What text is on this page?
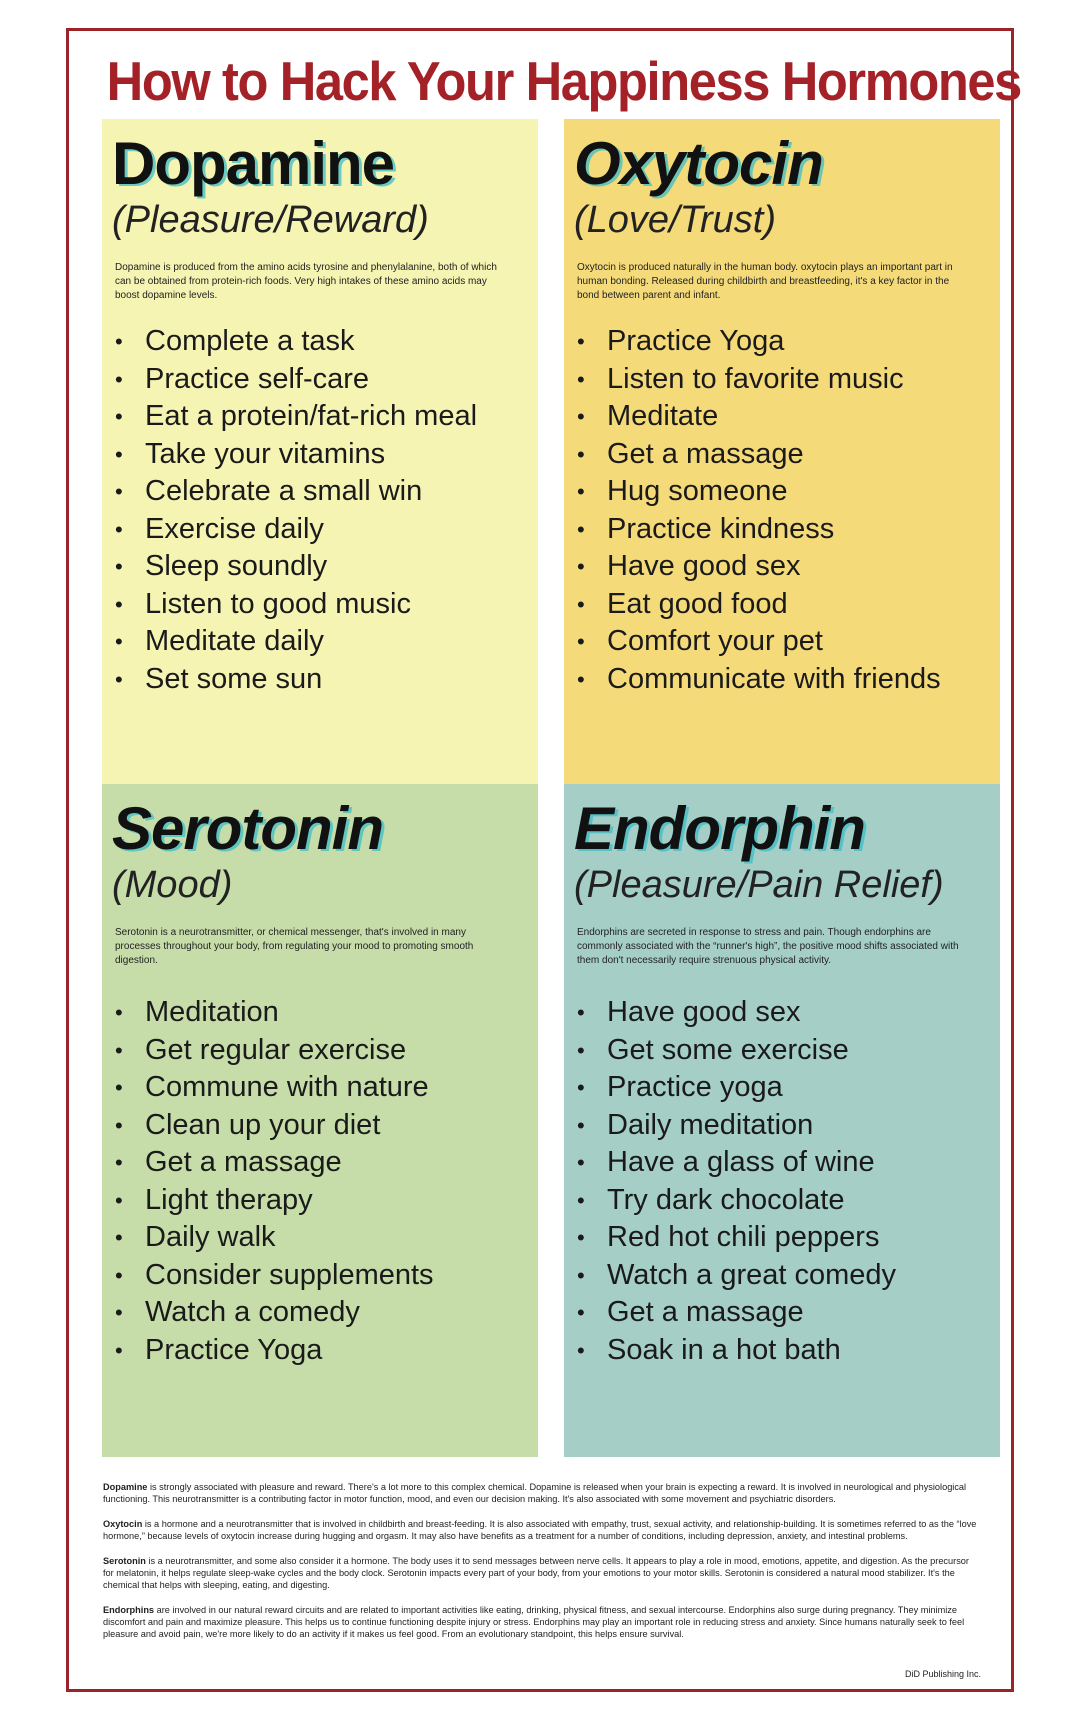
How to Hack Your Happiness Hormones
Dopamine
(Pleasure/Reward)
Dopamine is produced from the amino acids tyrosine and phenylalanine, both of which can be obtained from protein-rich foods. Very high intakes of these amino acids may boost dopamine levels.
• Complete a task
• Practice self-care
• Eat a protein/fat-rich meal
• Take your vitamins
• Celebrate a small win
• Exercise daily
• Sleep soundly
• Listen to good music
• Meditate daily
• Set some sun
Oxytocin
(Love/Trust)
Oxytocin is produced naturally in the human body. oxytocin plays an important part in human bonding. Released during childbirth and breastfeeding, it's a key factor in the bond between parent and infant.
• Practice Yoga
• Listen to favorite music
• Meditate
• Get a massage
• Hug someone
• Practice kindness
• Have good sex
• Eat good food
• Comfort your pet
• Communicate with friends
Serotonin
(Mood)
Serotonin is a neurotransmitter, or chemical messenger, that's involved in many processes throughout your body, from regulating your mood to promoting smooth digestion.
• Meditation
• Get regular exercise
• Commune with nature
• Clean up your diet
• Get a massage
• Light therapy
• Daily walk
• Consider supplements
• Watch a comedy
• Practice Yoga
Endorphin
(Pleasure/Pain Relief)
Endorphins are secreted in response to stress and pain. Though endorphins are commonly associated with the “runner's high”, the positive mood shifts associated with them don't necessarily require strenuous physical activity.
• Have good sex
• Get some exercise
• Practice yoga
• Daily meditation
• Have a glass of wine
• Try dark chocolate
• Red hot chili peppers
• Watch a great comedy
• Get a massage
• Soak in a hot bath

Dopamine is strongly associated with pleasure and reward. There's a lot more to this complex chemical. Dopamine is released when your brain is expecting a reward. It is involved in neurological and physiological functioning. This neurotransmitter is a contributing factor in motor function, mood, and even our decision making. It's also associated with some movement and psychiatric disorders.

Oxytocin is a hormone and a neurotransmitter that is involved in childbirth and breast-feeding. It is also associated with empathy, trust, sexual activity, and relationship-building. It is sometimes referred to as the “love hormone,” because levels of oxytocin increase during hugging and orgasm. It may also have benefits as a treatment for a number of conditions, including depression, anxiety, and intestinal problems.

Serotonin is a neurotransmitter, and some also consider it a hormone. The body uses it to send messages between nerve cells. It appears to play a role in mood, emotions, appetite, and digestion. As the precursor for melatonin, it helps regulate sleep-wake cycles and the body clock. Serotonin impacts every part of your body, from your emotions to your motor skills. Serotonin is considered a natural mood stabilizer. It's the chemical that helps with sleeping, eating, and digesting.

Endorphins are involved in our natural reward circuits and are related to important activities like eating, drinking, physical fitness, and sexual intercourse. Endorphins also surge during pregnancy. They minimize discomfort and pain and maximize pleasure. This helps us to continue functioning despite injury or stress. Endorphins may play an important role in reducing stress and anxiety. Since humans naturally seek to feel pleasure and avoid pain, we're more likely to do an activity if it makes us feel good. From an evolutionary standpoint, this helps ensure survival.

DiD Publishing Inc.
